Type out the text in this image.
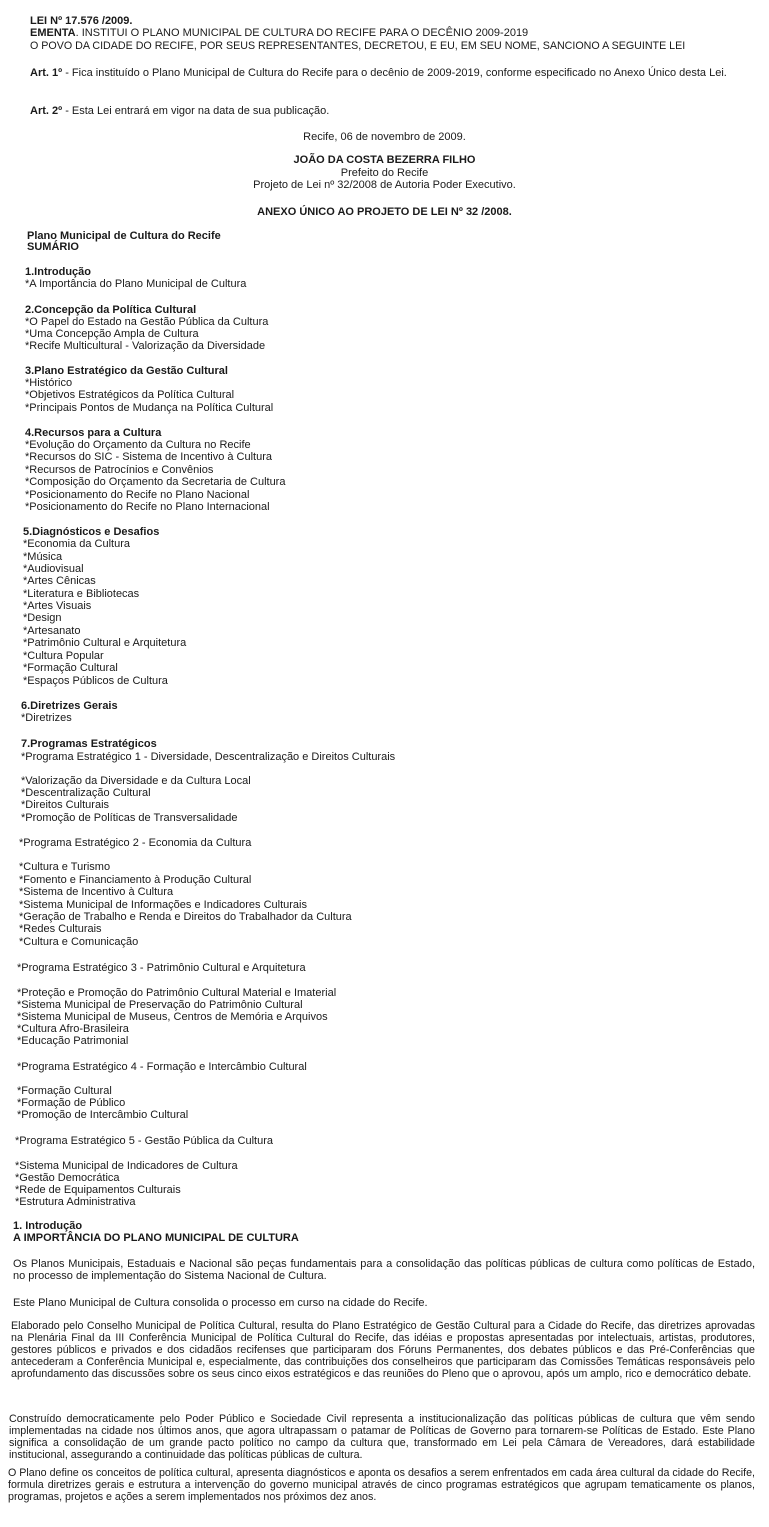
LEI Nº 17.576 /2009.
EMENTA. INSTITUI O PLANO MUNICIPAL DE CULTURA DO RECIFE PARA O DECÊNIO 2009-2019
O POVO DA CIDADE DO RECIFE, POR SEUS REPRESENTANTES, DECRETOU, E EU, EM SEU NOME, SANCIONO A SEGUINTE LEI
Art. 1º - Fica instituído o Plano Municipal de Cultura do Recife para o decênio de 2009-2019, conforme especificado no Anexo Único desta Lei.
Art. 2º - Esta Lei entrará em vigor na data de sua publicação.
Recife, 06 de novembro de 2009.
JOÃO DA COSTA BEZERRA FILHO
Prefeito do Recife
Projeto de Lei nº 32/2008 de Autoria Poder Executivo.
ANEXO ÚNICO AO PROJETO DE LEI Nº 32 /2008.
Plano Municipal de Cultura do Recife
SUMÁRIO
1.Introdução
*A Importância do Plano Municipal de Cultura
2.Concepção da Política Cultural
*O Papel do Estado na Gestão Pública da Cultura
*Uma Concepção Ampla de Cultura
*Recife Multicultural - Valorização da Diversidade
3.Plano Estratégico da Gestão Cultural
*Histórico
*Objetivos Estratégicos da Política Cultural
*Principais Pontos de Mudança na Política Cultural
4.Recursos para a Cultura
*Evolução do Orçamento da Cultura no Recife
*Recursos do SIC - Sistema de Incentivo à Cultura
*Recursos de Patrocínios e Convênios
*Composição do Orçamento da Secretaria de Cultura
*Posicionamento do Recife no Plano Nacional
*Posicionamento do Recife no Plano Internacional
5.Diagnósticos e Desafios
*Economia da Cultura
*Música
*Audiovisual
*Artes Cênicas
*Literatura e Bibliotecas
*Artes Visuais
*Design
*Artesanato
*Patrimônio Cultural e Arquitetura
*Cultura Popular
*Formação Cultural
*Espaços Públicos de Cultura
6.Diretrizes Gerais
*Diretrizes
7.Programas Estratégicos
*Programa Estratégico 1 - Diversidade, Descentralização e Direitos Culturais
*Valorização da Diversidade e da Cultura Local
*Descentralização Cultural
*Direitos Culturais
*Promoção de Políticas de Transversalidade
*Programa Estratégico 2 - Economia da Cultura
*Cultura e Turismo
*Fomento e Financiamento à Produção Cultural
*Sistema de Incentivo à Cultura
*Sistema Municipal de Informações e Indicadores Culturais
*Geração de Trabalho e Renda e Direitos do Trabalhador da Cultura
*Redes Culturais
*Cultura e Comunicação
*Programa Estratégico 3 - Patrimônio Cultural e Arquitetura
*Proteção e Promoção do Patrimônio Cultural Material e Imaterial
*Sistema Municipal de Preservação do Patrimônio Cultural
*Sistema Municipal de Museus, Centros de Memória e Arquivos
*Cultura Afro-Brasileira
*Educação Patrimonial
*Programa Estratégico 4 - Formação e Intercâmbio Cultural
*Formação Cultural
*Formação de Público
*Promoção de Intercâmbio Cultural
*Programa Estratégico 5 - Gestão Pública da Cultura
*Sistema Municipal de Indicadores de Cultura
*Gestão Democrática
*Rede de Equipamentos Culturais
*Estrutura Administrativa
1. Introdução
A IMPORTÂNCIA DO PLANO MUNICIPAL DE CULTURA
Os Planos Municipais, Estaduais e Nacional são peças fundamentais para a consolidação das políticas públicas de cultura como políticas de Estado, no processo de implementação do Sistema Nacional de Cultura.
Este Plano Municipal de Cultura consolida o processo em curso na cidade do Recife.
Elaborado pelo Conselho Municipal de Política Cultural, resulta do Plano Estratégico de Gestão Cultural para a Cidade do Recife, das diretrizes aprovadas na Plenária Final da III Conferência Municipal de Política Cultural do Recife, das idéias e propostas apresentadas por intelectuais, artistas, produtores, gestores públicos e privados e dos cidadãos recifenses que participaram dos Fóruns Permanentes, dos debates públicos e das Pré-Conferências que antecederam a Conferência Municipal e, especialmente, das contribuições dos conselheiros que participaram das Comissões Temáticas responsáveis pelo aprofundamento das discussões sobre os seus cinco eixos estratégicos e das reuniões do Pleno que o aprovou, após um amplo, rico e democrático debate.
Construído democraticamente pelo Poder Público e Sociedade Civil representa a institucionalização das políticas públicas de cultura que vêm sendo implementadas na cidade nos últimos anos, que agora ultrapassam o patamar de Políticas de Governo para tornarem-se Políticas de Estado. Este Plano significa a consolidação de um grande pacto político no campo da cultura que, transformado em Lei pela Câmara de Vereadores, dará estabilidade institucional, assegurando a continuidade das políticas públicas de cultura.
O Plano define os conceitos de política cultural, apresenta diagnósticos e aponta os desafios a serem enfrentados em cada área cultural da cidade do Recife, formula diretrizes gerais e estrutura a intervenção do governo municipal através de cinco programas estratégicos que agrupam tematicamente os planos, programas, projetos e ações a serem implementados nos próximos dez anos.
